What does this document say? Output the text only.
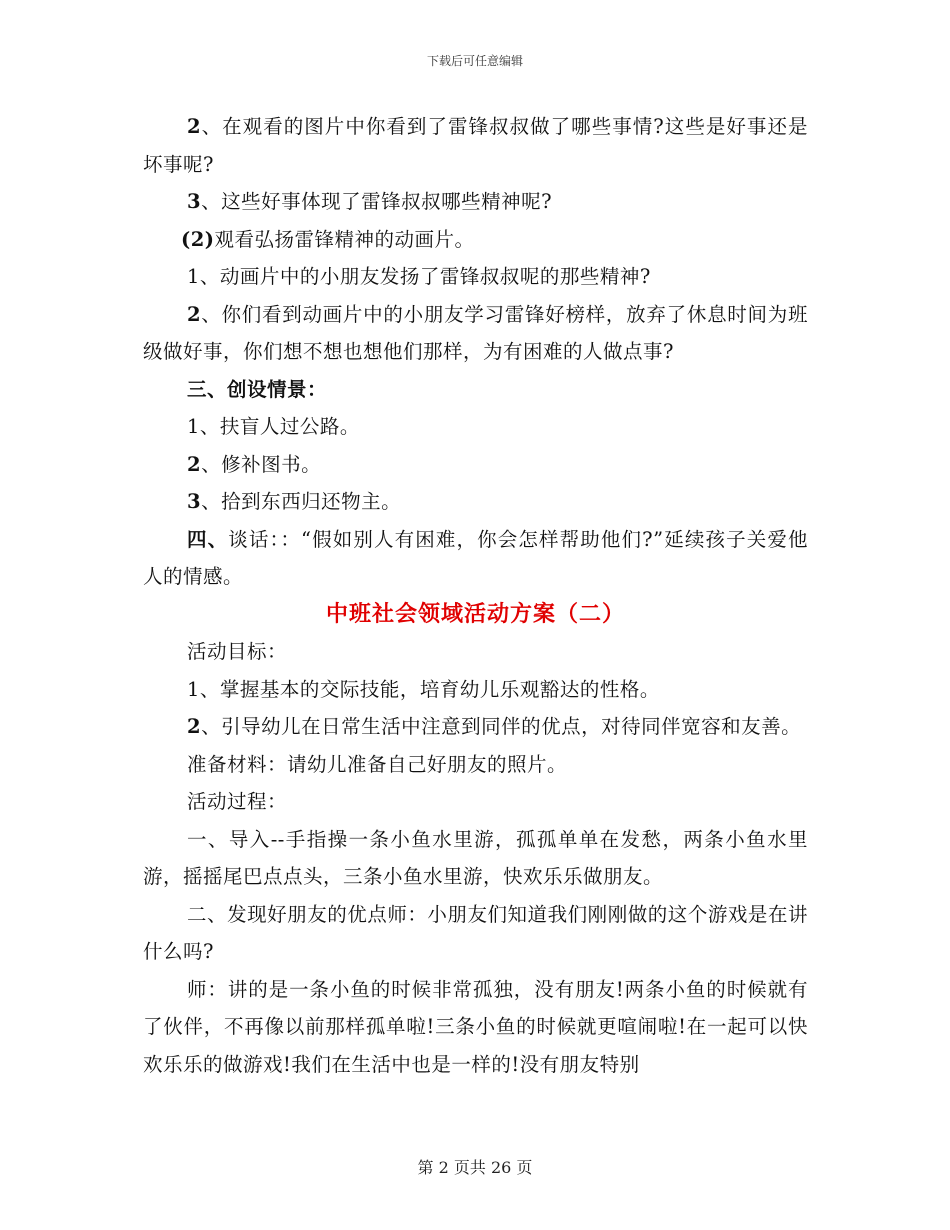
下载后可任意编辑

2、在观看的图片中你看到了雷锋叔叔做了哪些事情?这些是好事还是坏事呢?

3、这些好事体现了雷锋叔叔哪些精神呢?

(2)观看弘扬雷锋精神的动画片。

1、动画片中的小朋友发扬了雷锋叔叔呢的那些精神?

2、你们看到动画片中的小朋友学习雷锋好榜样，放弃了休息时间为班级做好事，你们想不想也想他们那样，为有困难的人做点事?

三、创设情景：

1、扶盲人过公路。

2、修补图书。

3、拾到东西归还物主。

四、谈话：：“假如别人有困难，你会怎样帮助他们?”延续孩子关爱他人的情感。

中班社会领域活动方案（二）

活动目标：

1、掌握基本的交际技能，培育幼儿乐观豁达的性格。

2、引导幼儿在日常生活中注意到同伴的优点，对待同伴宽容和友善。

准备材料：请幼儿准备自己好朋友的照片。

活动过程：

一、导入--手指操一条小鱼水里游，孤孤单单在发愁，两条小鱼水里游，摇摇尾巴点点头，三条小鱼水里游，快欢乐乐做朋友。

二、发现好朋友的优点师：小朋友们知道我们刚刚做的这个游戏是在讲什么吗?

师：讲的是一条小鱼的时候非常孤独，没有朋友!两条小鱼的时候就有了伙伴，不再像以前那样孤单啦!三条小鱼的时候就更喧闹啦!在一起可以快欢乐乐的做游戏!我们在生活中也是一样的!没有朋友特别

第 2 页共 26 页
